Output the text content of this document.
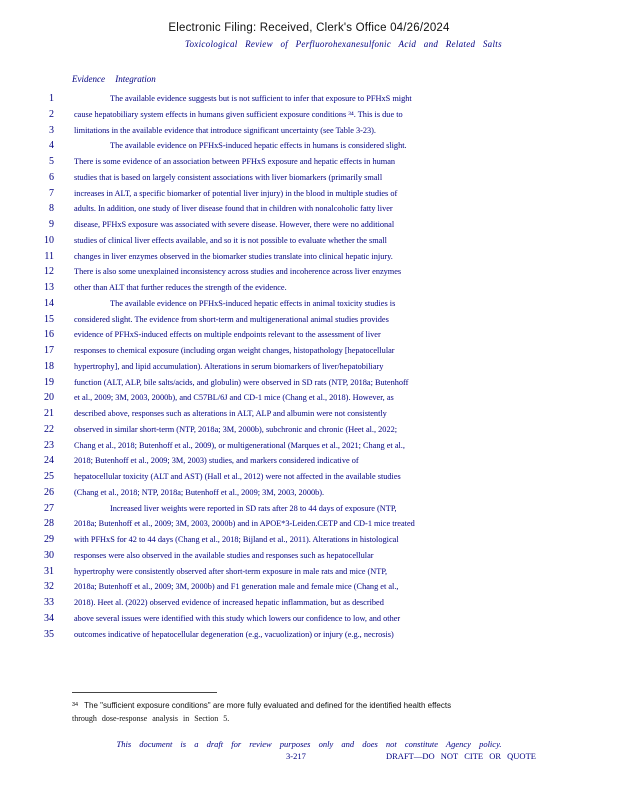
Electronic Filing: Received, Clerk's Office 04/26/2024
Toxicological Review of Perfluorohexanesulfonic Acid and Related Salts
Evidence Integration
1	The available evidence suggests but is not sufficient to infer that exposure to PFHxS might
2 cause hepatobiliary system effects in humans given sufficient exposure conditions ³⁴. This is due to
3 limitations in the available evidence that introduce significant uncertainty (see Table 3-23).
4	The available evidence on PFHxS-induced hepatic effects in humans is considered slight.
5 There is some evidence of an association between PFHxS exposure and hepatic effects in human
6 studies that is based on largely consistent associations with liver biomarkers (primarily small
7 increases in ALT, a specific biomarker of potential liver injury) in the blood in multiple studies of
8 adults. In addition, one study of liver disease found that in children with nonalcoholic fatty liver
9 disease, PFHxS exposure was associated with severe disease. However, there were no additional
10 studies of clinical liver effects available, and so it is not possible to evaluate whether the small
11 changes in liver enzymes observed in the biomarker studies translate into clinical hepatic injury.
12 There is also some unexplained inconsistency across studies and incoherence across liver enzymes
13 other than ALT that further reduces the strength of the evidence.
14	The available evidence on PFHxS-induced hepatic effects in animal toxicity studies is
15 considered slight. The evidence from short-term and multigenerational animal studies provides
16 evidence of PFHxS-induced effects on multiple endpoints relevant to the assessment of liver
17 responses to chemical exposure (including organ weight changes, histopathology [hepatocellular
18 hypertrophy], and lipid accumulation). Alterations in serum biomarkers of liver/hepatobiliary
19 function (ALT, ALP, bile salts/acids, and globulin) were observed in SD rats (NTP, 2018a; Butenhoff
20 et al., 2009; 3M, 2003, 2000b), and C57BL/6J and CD-1 mice (Chang et al., 2018). However, as
21 described above, responses such as alterations in ALT, ALP and albumin were not consistently
22 observed in similar short-term (NTP, 2018a; 3M, 2000b), subchronic and chronic (Heet al., 2022;
23 Chang et al., 2018; Butenhoff et al., 2009), or multigenerational (Marques et al., 2021; Chang et al.,
24 2018; Butenhoff et al., 2009; 3M, 2003) studies, and markers considered indicative of
25 hepatocellular toxicity (ALT and AST) (Hall et al., 2012) were not affected in the available studies
26 (Chang et al., 2018; NTP, 2018a; Butenhoff et al., 2009; 3M, 2003, 2000b).
27	Increased liver weights were reported in SD rats after 28 to 44 days of exposure (NTP,
28 2018a; Butenhoff et al., 2009; 3M, 2003, 2000b) and in APOE*3-Leiden.CETP and CD-1 mice treated
29 with PFHxS for 42 to 44 days (Chang et al., 2018; Bijland et al., 2011). Alterations in histological
30 responses were also observed in the available studies and responses such as hepatocellular
31 hypertrophy were consistently observed after short-term exposure in male rats and mice (NTP,
32 2018a; Butenhoff et al., 2009; 3M, 2000b) and F1 generation male and female mice (Chang et al.,
33 2018). Heet al. (2022) observed evidence of increased hepatic inflammation, but as described
34 above several issues were identified with this study which lowers our confidence to low, and other
35 outcomes indicative of hepatocellular degeneration (e.g., vacuolization) or injury (e.g., necrosis)
$^{34}$ The "sufficient exposure conditions" are more fully evaluated and defined for the identified health effects
through dose-response analysis in Section 5.
This document is a draft for review purposes only and does not constitute Agency policy.
3-217	DRAFT—DO NOT CITE OR QUOTE
